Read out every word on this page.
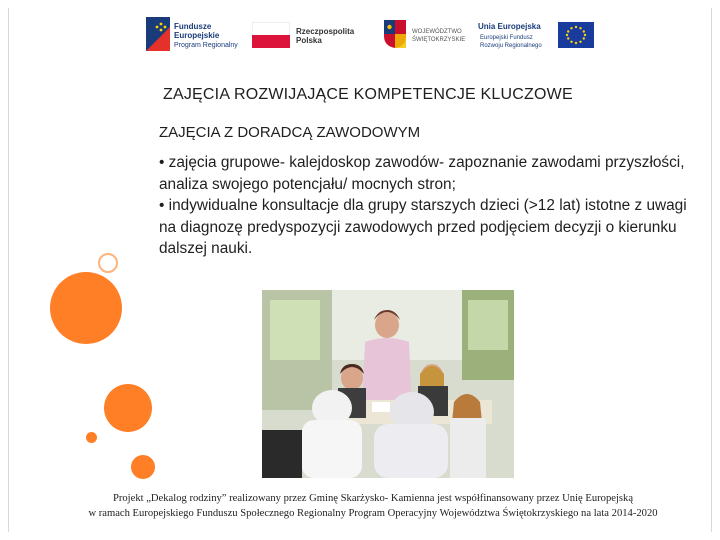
Fundusze
Europejskie
Program Regionalny
Rzeczpospolita
Polska
WOJEWÓDZTWO
ŚWIĘTOKRZYSKIE
Unia Europejska
Europejski Fundusz
Rozwoju Regionalnego
ZAJĘCIA ROZWIJAJĄCE KOMPETENCJE KLUCZOWE
ZAJĘCIA Z DORADCĄ ZAWODOWYM

• zajęcia grupowe- kalejdoskop zawodów- zapoznanie zawodami przyszłości, analiza swojego potencjału/ mocnych stron;

• indywidualne konsultacje dla grupy starszych dzieci (>12 lat) istotne z uwagi na diagnozę predyspozycji zawodowych przed podjęciem decyzji o kierunku dalszej nauki.

Projekt „Dekalog rodziny” realizowany przez Gminę Skarżysko- Kamienna jest współfinansowany przez Unię Europejską
w ramach Europejskiego Funduszu Społecznego Regionalny Program Operacyjny Województwa Świętokrzyskiego na lata 2014-2020
